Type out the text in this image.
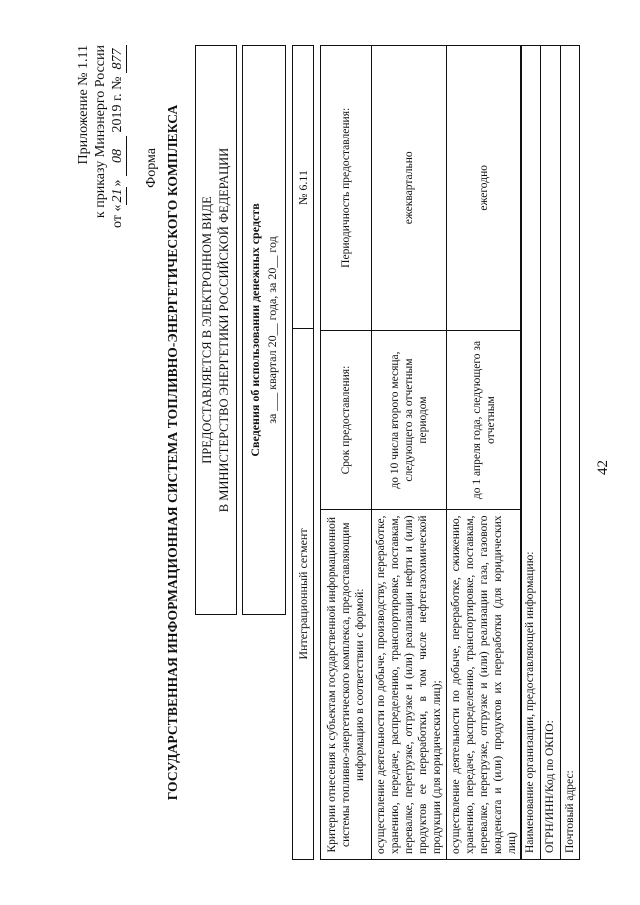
42
Приложение № 1.11 к приказу Минэнерго России от «21» 08 2019 г. № 877
Форма ГОСУДАРСТВЕННАЯ ИНФОРМАЦИОННАЯ СИСТЕМА ТОПЛИВНО-ЭНЕРГЕТИЧЕСКОГО КОМПЛЕКСА ПРЕДОСТАВЛЯЕТСЯ В ЭЛЕКТРОННОМ ВИДЕ В МИНИСТЕРСТВО ЭНЕРГЕТИКИ РОССИЙСКОЙ ФЕДЕРАЦИИ Сведения об использовании денежных средств за ___ квартал 20__ года, за 20__ год
Интеграционный сегмент
№ 6.11
Критерии отнесения к субъектам государственной информационной системы топливно-энергетического комплекса, предоставляющим информацию в соответствии с формой:	Срок предоставления:	Периодичность предоставления:
осуществление деятельности по добыче, производству, переработке, хранению, передаче, распределению, транспортировке, поставкам, перевалке, перегрузке, отгрузке и (или) реализации нефти и (или) продуктов ее переработки, в том числе нефтегазохимической продукции (для юридических лиц);	до 10 числа второго месяца, следующего за отчетным периодом	ежеквартально
осуществление деятельности по добыче, переработке, сжижению, хранению, передаче, распределению, транспортировке, поставкам, перевалке, перегрузке, отгрузке и (или) реализации газа, газового конденсата и (или) продуктов их переработки (для юридических лиц)	до 1 апреля года, следующего за отчетным	ежегодно
Наименование организации, предоставляющей информацию: ОГРН/ИНН/Код по ОКПО: Почтовый адрес:
